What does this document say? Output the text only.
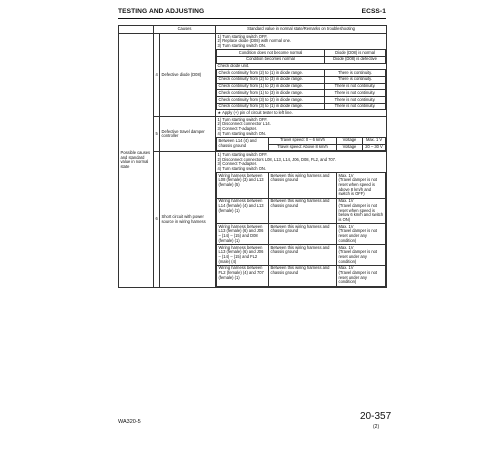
TESTING AND ADJUSTING	ECSS-1
	Causes	Standard value in normal state/Remarks on troubleshooting
Possible causes and standard value in normal state	4	Defective diode (D08)	
1) Turn starting switch OFF.
2) Replace diode (D08) with normal one.
3) Turn starting switch ON.
Condition does not become normal	Diode (D08) is normal
Condition becomes normal	Diode (D08) is defective
Check diode unit.
Check continuity from (2) to (1) in diode range.	There is continuity.
Check continuity from (2) to (3) in diode range.	There is continuity.
Check continuity from (1) to (2) in diode range.	There is not continuity.
Check continuity from (1) to (3) in diode range.	There is not continuity.
Check continuity from (3) to (2) in diode range.	There is not continuity.
Check continuity from (3) to (1) in diode range.	There is not continuity.
★ Apply (+) pin of circuit tester to left line.

5	Defective travel damper controller	
1) Turn starting switch OFF.
2) Disconnect connector L14.
3) Connect T-adapter.
4) Turn starting switch ON.
Between L14 (4) and chassis ground	Travel speed: 0 – 6 km/h	Voltage	Max. 1 V
Travel speed: Above 8 km/h	Voltage	20 – 30 V

6	Short circuit with power source in wiring harness	
1) Turn starting switch OFF.
2) Disconnect connectors L08, L13, L14, J06, D08, FL2, and 707.
3) Connect T-adapter.
4) Turn starting switch ON.
Wiring harness between L08 (female) (3) and L13 (female) (5)	Between this wiring harness and chassis ground	Max. 1V
(Travel damper is not reset when speed is above 8 km/h and switch is OFF)
Wiring harness between L14 (female) (4) and L13 (female) (1)	Between this wiring harness and chassis ground	Max. 1V
(Travel damper is not reset when speed is below 6 km/h and switch is ON)
Wiring harness between L13 (female) (6) and J06 – (14) – (15) and D08 (female) (1)	Between this wiring harness and chassis ground	Max. 1V
(Travel damper is not reset under any condition)
Wiring harness between L13 (female) (6) and J06 – (14) – (15) and FL2 (male) (4)	Between this wiring harness and chassis ground	Max. 1V
(Travel damper is not reset under any condition)
Wiring harness between FL2 (female) (4) and 707 (female) (1)	Between this wiring harness and chassis ground	Max. 1V
(Travel damper is not reset under any condition)
WA320-5	20-357
(2)
